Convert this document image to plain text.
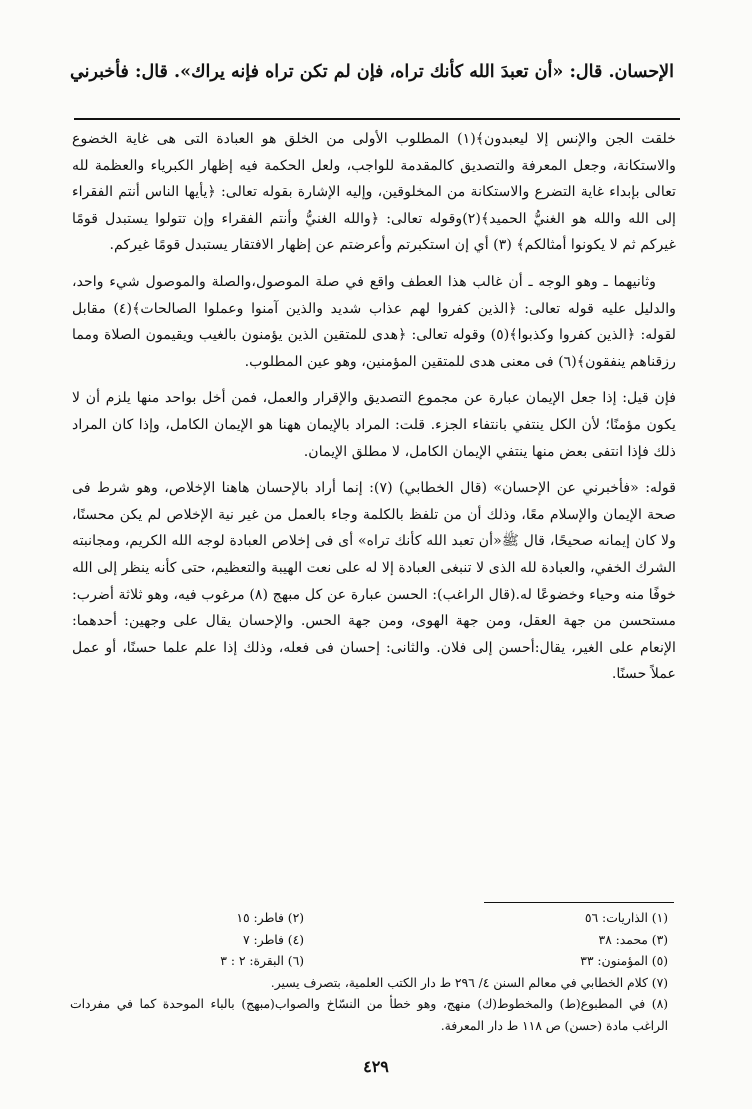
الإحسان. قال: «أن تعبدَ الله كأنك تراه، فإن لم تكن تراه فإنه يراك». قال: فأخبرني

خلقت الجن والإنس إلا ليعبدون﴾(١) المطلوب الأولى من الخلق هو العبادة التى هى غاية الخضوع والاستكانة، وجعل المعرفة والتصديق كالمقدمة للواجب، ولعل الحكمة فيه إظهار الكبرياء والعظمة لله تعالى بإبداء غاية التضرع والاستكانة من المخلوقين، وإليه الإشارة بقوله تعالى: ﴿يأيها الناس أنتم الفقراء إلى الله والله هو الغنيُّ الحميد﴾(٢)وقوله تعالى: ﴿والله الغنيُّ وأنتم الفقراء وإن تتولوا يستبدل قومًا غيركم ثم لا يكونوا أمثالكم﴾ (٣) أي إن استكبرتم وأعرضتم عن إظهار الافتقار يستبدل قومًا غيركم.

وثانيهما ـ وهو الوجه ـ أن غالب هذا العطف واقع في صلة الموصول،والصلة والموصول شيء واحد، والدليل عليه قوله تعالى: ﴿الذين كفروا لهم عذاب شديد والذين آمنوا وعملوا الصالحات﴾(٤) مقابل لقوله: ﴿الذين كفروا وكذبوا﴾(٥) وقوله تعالى: ﴿هدى للمتقين الذين يؤمنون بالغيب ويقيمون الصلاة ومما رزقناهم ينفقون﴾(٦) فى معنى هدى للمتقين المؤمنين، وهو عين المطلوب.

فإن قيل: إذا جعل الإيمان عبارة عن مجموع التصديق والإقرار والعمل، فمن أخل بواحد منها يلزم أن لا يكون مؤمنًا؛ لأن الكل ينتفي بانتفاء الجزء. قلت: المراد بالإيمان ههنا هو الإيمان الكامل، وإذا كان المراد ذلك فإذا انتفى بعض منها ينتفي الإيمان الكامل، لا مطلق الإيمان.

قوله: «فأخبرني عن الإحسان» (قال الخطابي) (٧): إنما أراد بالإحسان هاهنا الإخلاص، وهو شرط فى صحة الإيمان والإسلام معًا، وذلك أن من تلفظ بالكلمة وجاء بالعمل من غير نية الإخلاص لم يكن محسنًا، ولا كان إيمانه صحيحًا، قال ﷺ«أن تعبد الله كأنك تراه» أى فى إخلاص العبادة لوجه الله الكريم، ومجانبته الشرك الخفي، والعبادة لله الذى لا تنبغى العبادة إلا له على نعت الهيبة والتعظيم، حتى كأنه ينظر إلى الله خوفًا منه وحياء وخضوعًا له.(قال الراغب): الحسن عبارة عن كل مبهج (٨) مرغوب فيه، وهو ثلاثة أضرب: مستحسن من جهة العقل، ومن جهة الهوى، ومن جهة الحس. والإحسان يقال على وجهين: أحدهما: الإنعام على الغير، يقال:أحسن إلى فلان. والثانى: إحسان فى فعله، وذلك إذا علم علما حسنًا، أو عمل عملاً حسنًا.

(١) الذاريات: ٥٦
(٢) فاطر: ١٥
(٣) محمد: ٣٨
(٤) فاطر: ٧
(٥) المؤمنون: ٣٣
(٦) البقرة: ٢ : ٣
(٧) كلام الخطابي في معالم السنن ٤/ ٢٩٦ ط دار الكتب العلمية، بتصرف يسير.
(٨) في المطبوع(ط) والمخطوط(ك) منهج، وهو خطأ من النسّاخ والصواب(مبهج) بالباء الموحدة كما في مفردات الراغب مادة (حسن) ص ١١٨ ط دار المعرفة.
٤٢٩
